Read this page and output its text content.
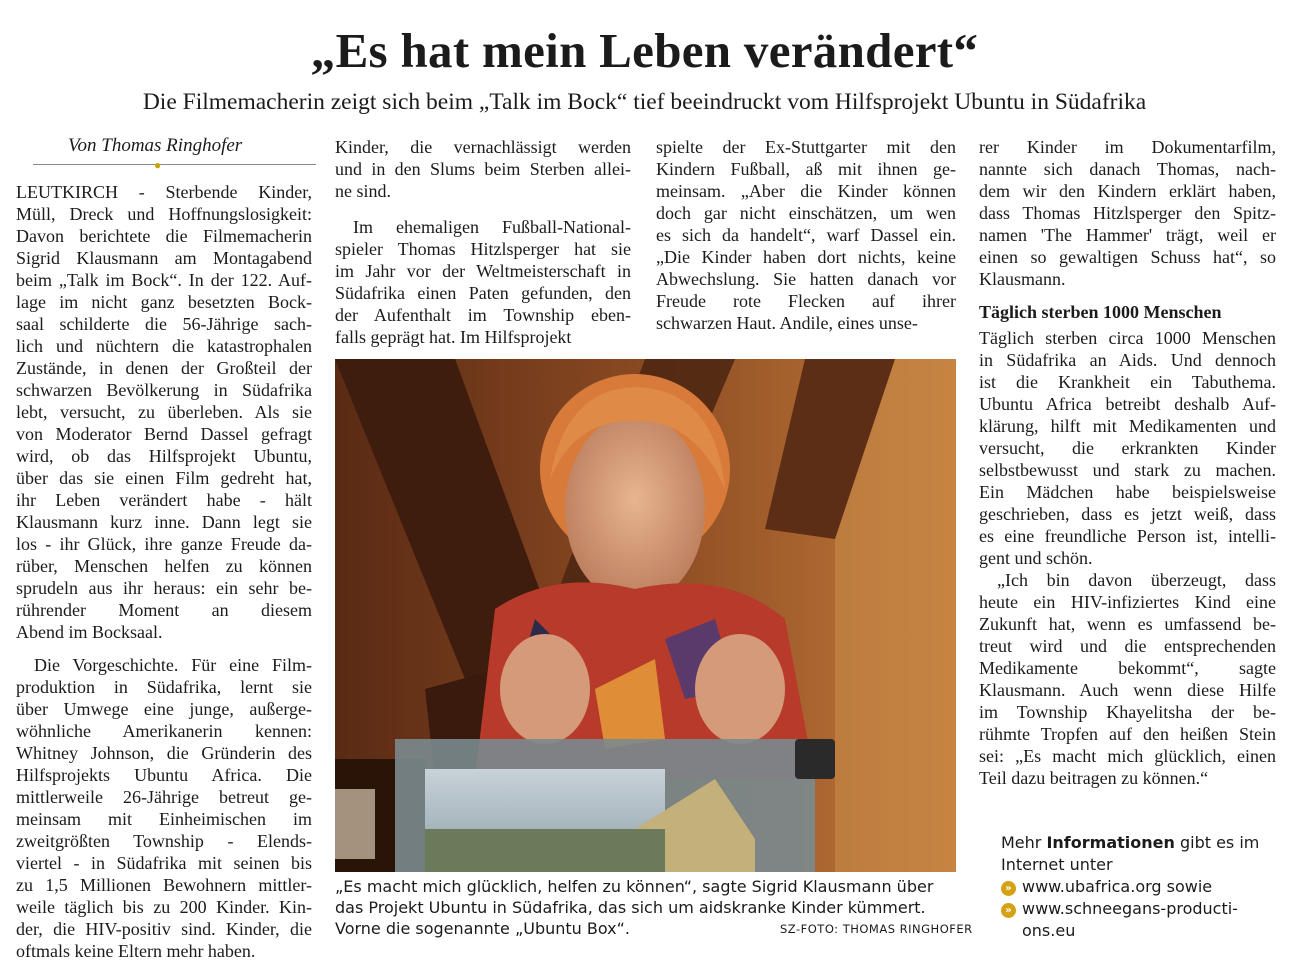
„Es hat mein Leben verändert“
Die Filmemacherin zeigt sich beim „Talk im Bock“ tief beeindruckt vom Hilfsprojekt Ubuntu in Südafrika
Von Thomas Ringhofer
●

LEUTKIRCH - Sterbende Kinder,

Müll, Dreck und Hoffnungslosigkeit:

Davon berichtete die Filmemacherin

Sigrid Klausmann am Montagabend

beim „Talk im Bock“. In der 122. Auf-

lage im nicht ganz besetzten Bock-

saal schilderte die 56-Jährige sach-

lich und nüchtern die katastrophalen

Zustände, in denen der Großteil der

schwarzen Bevölkerung in Südafrika

lebt, versucht, zu überleben. Als sie

von Moderator Bernd Dassel gefragt

wird, ob das Hilfsprojekt Ubuntu,

über das sie einen Film gedreht hat,

ihr Leben verändert habe - hält

Klausmann kurz inne. Dann legt sie

los - ihr Glück, ihre ganze Freude da-

rüber, Menschen helfen zu können

sprudeln aus ihr heraus: ein sehr be-

rührender Moment an diesem

Abend im Bocksaal.

Die Vorgeschichte. Für eine Film-

produktion in Südafrika, lernt sie

über Umwege eine junge, außerge-

wöhnliche Amerikanerin kennen:

Whitney Johnson, die Gründerin des

Hilfsprojekts Ubuntu Africa. Die

mittlerweile 26-Jährige betreut ge-

meinsam mit Einheimischen im

zweitgrößten Township - Elends-

viertel - in Südafrika mit seinen bis

zu 1,5 Millionen Bewohnern mittler-

weile täglich bis zu 200 Kinder. Kin-

der, die HIV-positiv sind. Kinder, die

oftmals keine Eltern mehr haben.

Kinder, die vernachlässigt werden

und in den Slums beim Sterben allei-

ne sind.

Im ehemaligen Fußball-National-

spieler Thomas Hitzlsperger hat sie

im Jahr vor der Weltmeisterschaft in

Südafrika einen Paten gefunden, den

der Aufenthalt im Township eben-

falls geprägt hat. Im Hilfsprojekt

spielte der Ex-Stuttgarter mit den

Kindern Fußball, aß mit ihnen ge-

meinsam. „Aber die Kinder können

doch gar nicht einschätzen, um wen

es sich da handelt“, warf Dassel ein.

„Die Kinder haben dort nichts, keine

Abwechslung. Sie hatten danach vor

Freude rote Flecken auf ihrer

schwarzen Haut. Andile, eines unse-

rer Kinder im Dokumentarfilm,

nannte sich danach Thomas, nach-

dem wir den Kindern erklärt haben,

dass Thomas Hitzlsperger den Spitz-

namen 'The Hammer' trägt, weil er

einen so gewaltigen Schuss hat“, so

Klausmann.

Täglich sterben 1000 Menschen

Täglich sterben circa 1000 Menschen

in Südafrika an Aids. Und dennoch

ist die Krankheit ein Tabuthema.

Ubuntu Africa betreibt deshalb Auf-

klärung, hilft mit Medikamenten und

versucht, die erkrankten Kinder

selbstbewusst und stark zu machen.

Ein Mädchen habe beispielsweise

geschrieben, dass es jetzt weiß, dass

es eine freundliche Person ist, intelli-

gent und schön.

„Ich bin davon überzeugt, dass

heute ein HIV-infiziertes Kind eine

Zukunft hat, wenn es umfassend be-

treut wird und die entsprechenden

Medikamente bekommt“, sagte

Klausmann. Auch wenn diese Hilfe

im Township Khayelitsha der be-

rühmte Tropfen auf den heißen Stein

sei: „Es macht mich glücklich, einen

Teil dazu beitragen zu können.“

„Es macht mich glücklich, helfen zu können“, sagte Sigrid Klausmann über
das Projekt Ubuntu in Südafrika, das sich um aidskranke Kinder kümmert.
Vorne die sogenannte „Ubuntu Box“.	SZ-FOTO: THOMAS RINGHOFER
Mehr Informationen gibt es im
Internet unter
» www.ubafrica.org sowie
» www.schneegans-producti-
ons.eu
